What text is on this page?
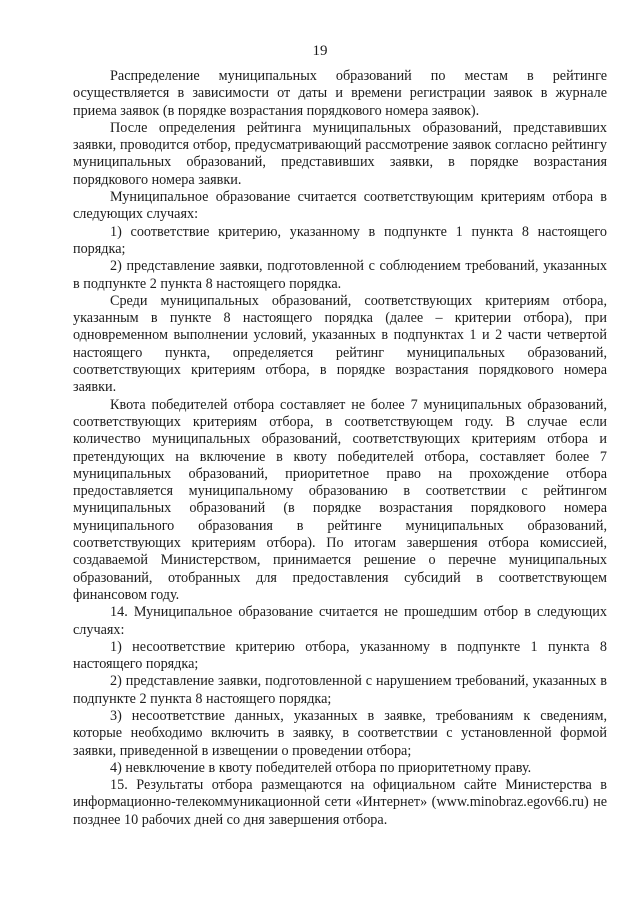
19

Распределение муниципальных образований по местам в рейтинге осуществляется в зависимости от даты и времени регистрации заявок в журнале приема заявок (в порядке возрастания порядкового номера заявок).

После определения рейтинга муниципальных образований, представивших заявки, проводится отбор, предусматривающий рассмотрение заявок согласно рейтингу муниципальных образований, представивших заявки, в порядке возрастания порядкового номера заявки.

Муниципальное образование считается соответствующим критериям отбора в следующих случаях:

1) соответствие критерию, указанному в подпункте 1 пункта 8 настоящего порядка;

2) представление заявки, подготовленной с соблюдением требований, указанных в подпункте 2 пункта 8 настоящего порядка.

Среди муниципальных образований, соответствующих критериям отбора, указанным в пункте 8 настоящего порядка (далее – критерии отбора), при одновременном выполнении условий, указанных в подпунктах 1 и 2 части четвертой настоящего пункта, определяется рейтинг муниципальных образований, соответствующих критериям отбора, в порядке возрастания порядкового номера заявки.

Квота победителей отбора составляет не более 7 муниципальных образований, соответствующих критериям отбора, в соответствующем году. В случае если количество муниципальных образований, соответствующих критериям отбора и претендующих на включение в квоту победителей отбора, составляет более 7 муниципальных образований, приоритетное право на прохождение отбора предоставляется муниципальному образованию в соответствии с рейтингом муниципальных образований (в порядке возрастания порядкового номера муниципального образования в рейтинге муниципальных образований, соответствующих критериям отбора). По итогам завершения отбора комиссией, создаваемой Министерством, принимается решение о перечне муниципальных образований, отобранных для предоставления субсидий в соответствующем финансовом году.

14. Муниципальное образование считается не прошедшим отбор в следующих случаях:

1) несоответствие критерию отбора, указанному в подпункте 1 пункта 8 настоящего порядка;

2) представление заявки, подготовленной с нарушением требований, указанных в подпункте 2 пункта 8 настоящего порядка;

3) несоответствие данных, указанных в заявке, требованиям к сведениям, которые необходимо включить в заявку, в соответствии с установленной формой заявки, приведенной в извещении о проведении отбора;

4) невключение в квоту победителей отбора по приоритетному праву.

15. Результаты отбора размещаются на официальном сайте Министерства в информационно-телекоммуникационной сети «Интернет» (www.minobraz.egov66.ru) не позднее 10 рабочих дней со дня завершения отбора.
